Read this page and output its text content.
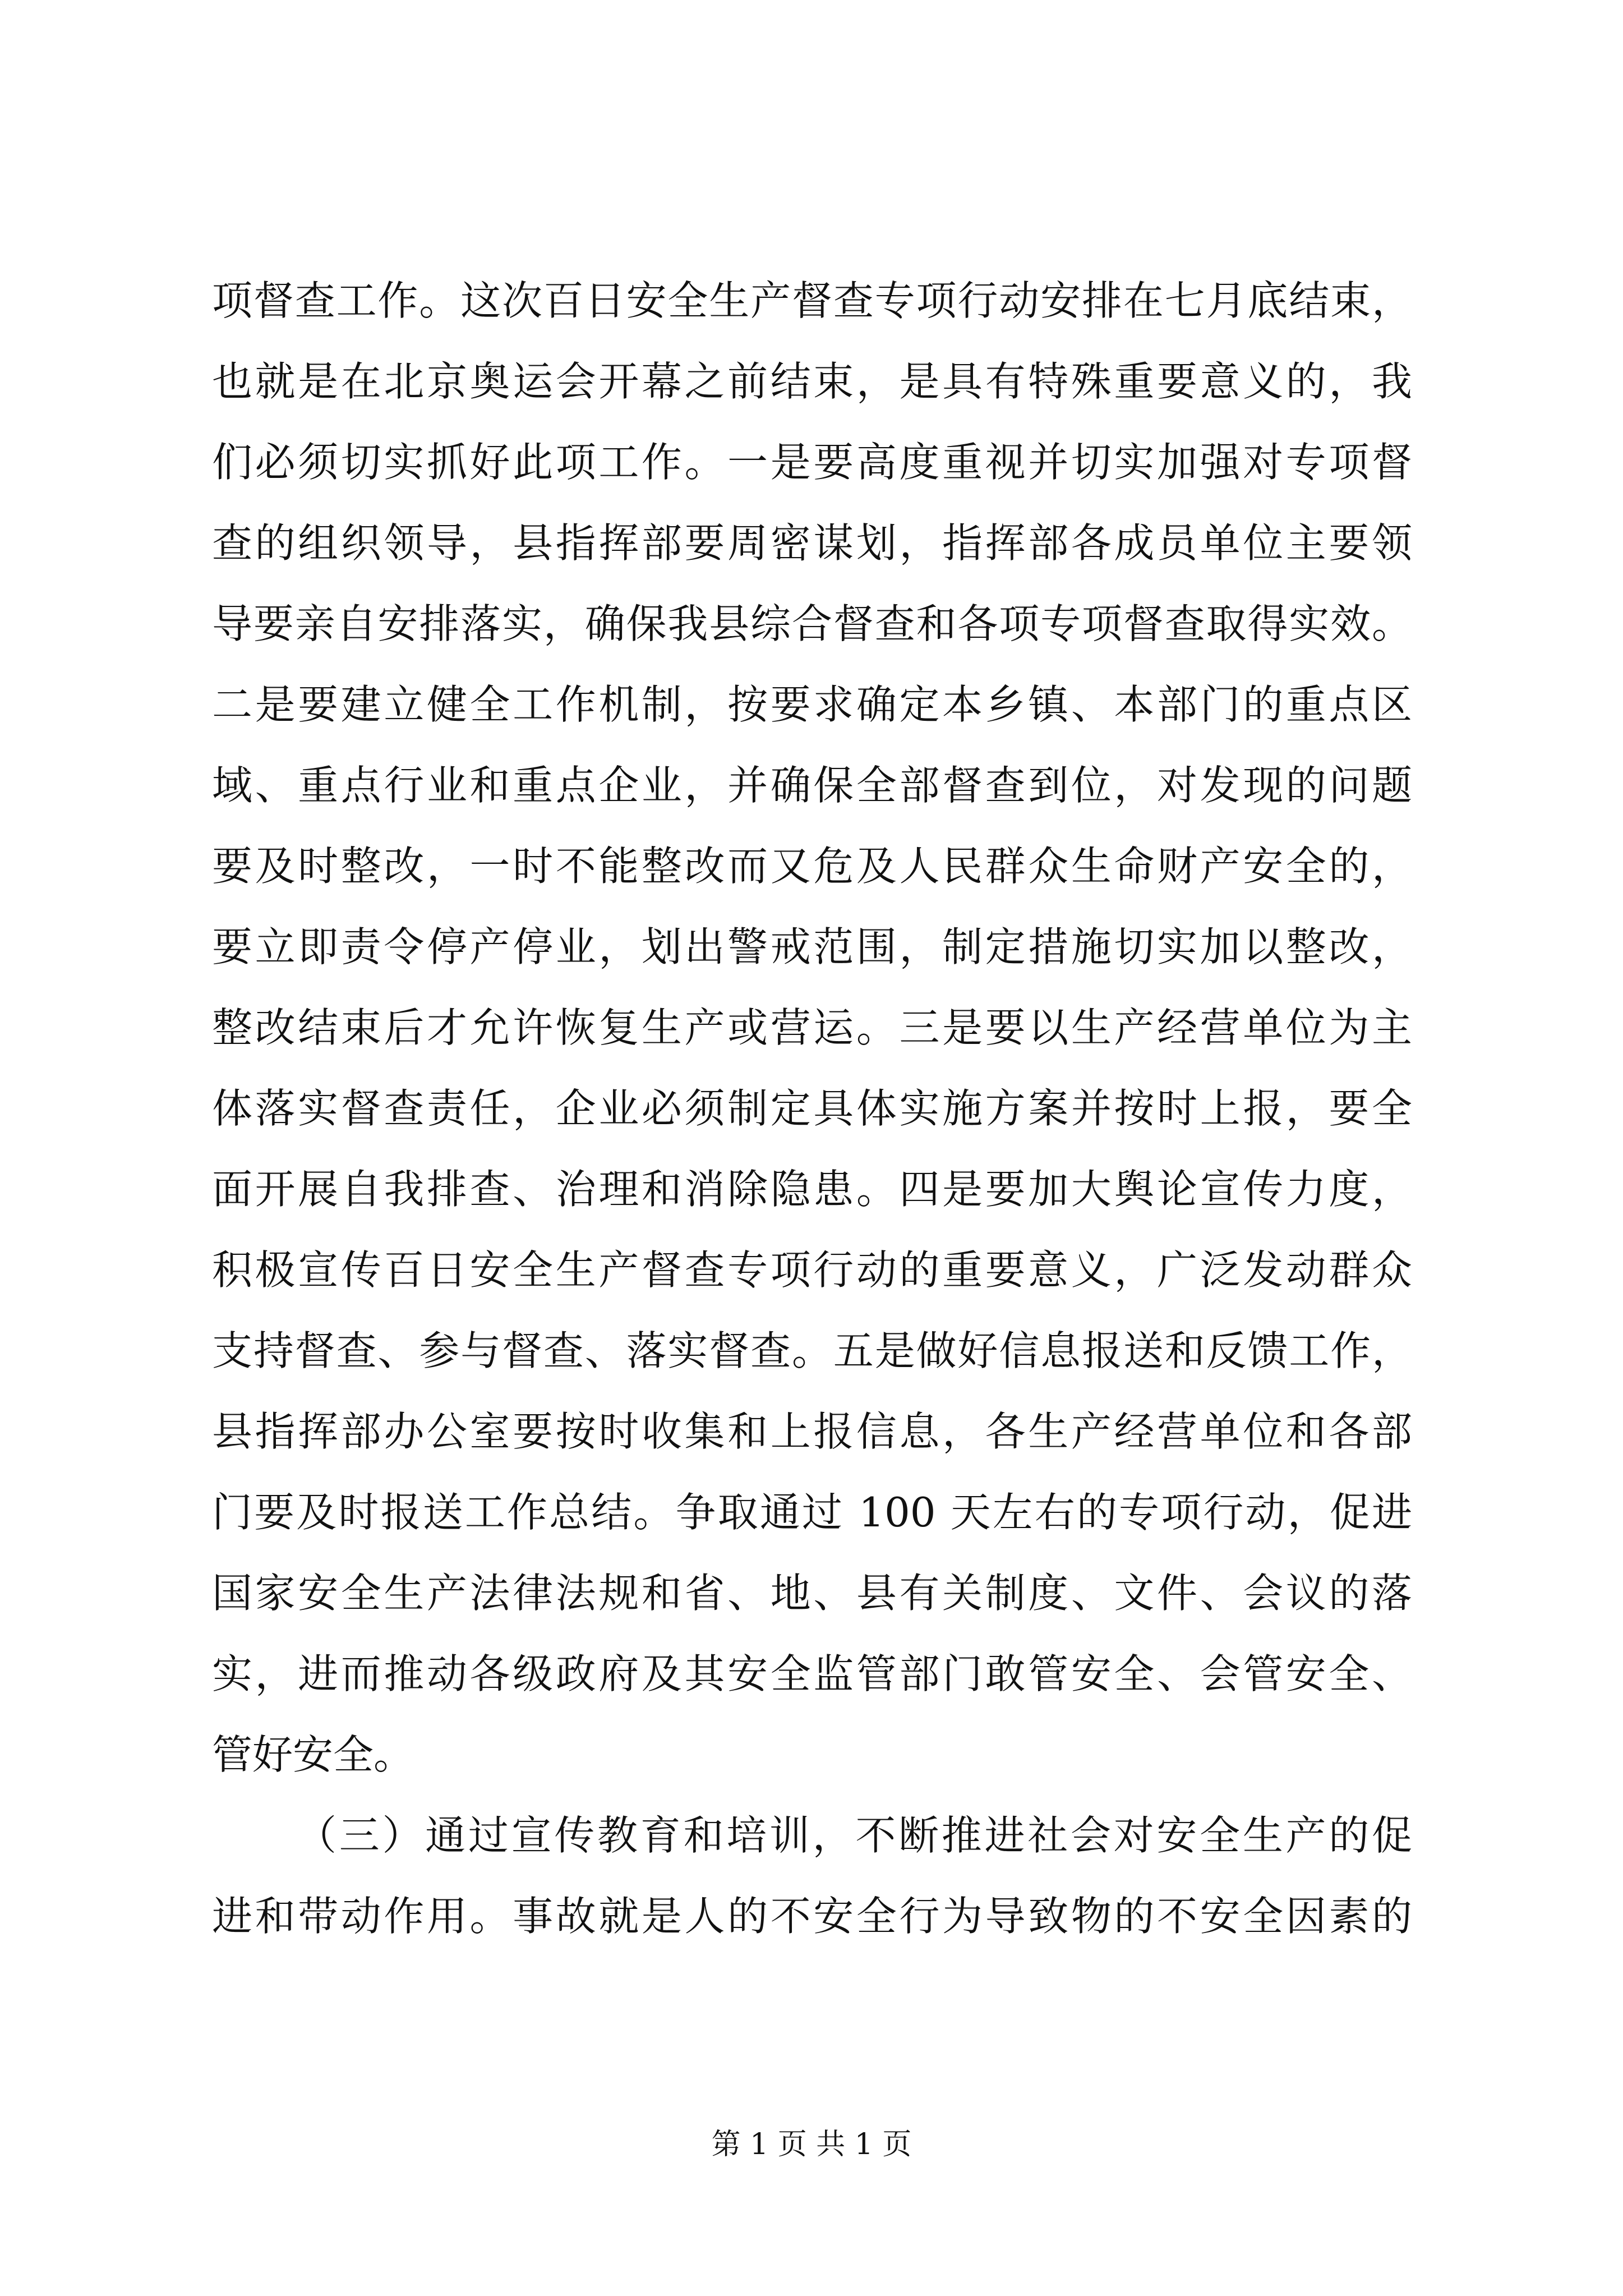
项督查工作。这次百日安全生产督查专项行动安排在七月底结束，
也就是在北京奥运会开幕之前结束，是具有特殊重要意义的，我
们必须切实抓好此项工作。一是要高度重视并切实加强对专项督
查的组织领导，县指挥部要周密谋划，指挥部各成员单位主要领
导要亲自安排落实，确保我县综合督查和各项专项督查取得实效。
二是要建立健全工作机制，按要求确定本乡镇、本部门的重点区
域、重点行业和重点企业，并确保全部督查到位，对发现的问题
要及时整改，一时不能整改而又危及人民群众生命财产安全的，
要立即责令停产停业，划出警戒范围，制定措施切实加以整改，
整改结束后才允许恢复生产或营运。三是要以生产经营单位为主
体落实督查责任，企业必须制定具体实施方案并按时上报，要全
面开展自我排查、治理和消除隐患。四是要加大舆论宣传力度，
积极宣传百日安全生产督查专项行动的重要意义，广泛发动群众
支持督查、参与督查、落实督查。五是做好信息报送和反馈工作，
县指挥部办公室要按时收集和上报信息，各生产经营单位和各部
门要及时报送工作总结。争取通过 100 天左右的专项行动，促进
国家安全生产法律法规和省、地、县有关制度、文件、会议的落
实，进而推动各级政府及其安全监管部门敢管安全、会管安全、
管好安全。
（三）通过宣传教育和培训，不断推进社会对安全生产的促
进和带动作用。事故就是人的不安全行为导致物的不安全因素的
第 1 页 共 1 页
